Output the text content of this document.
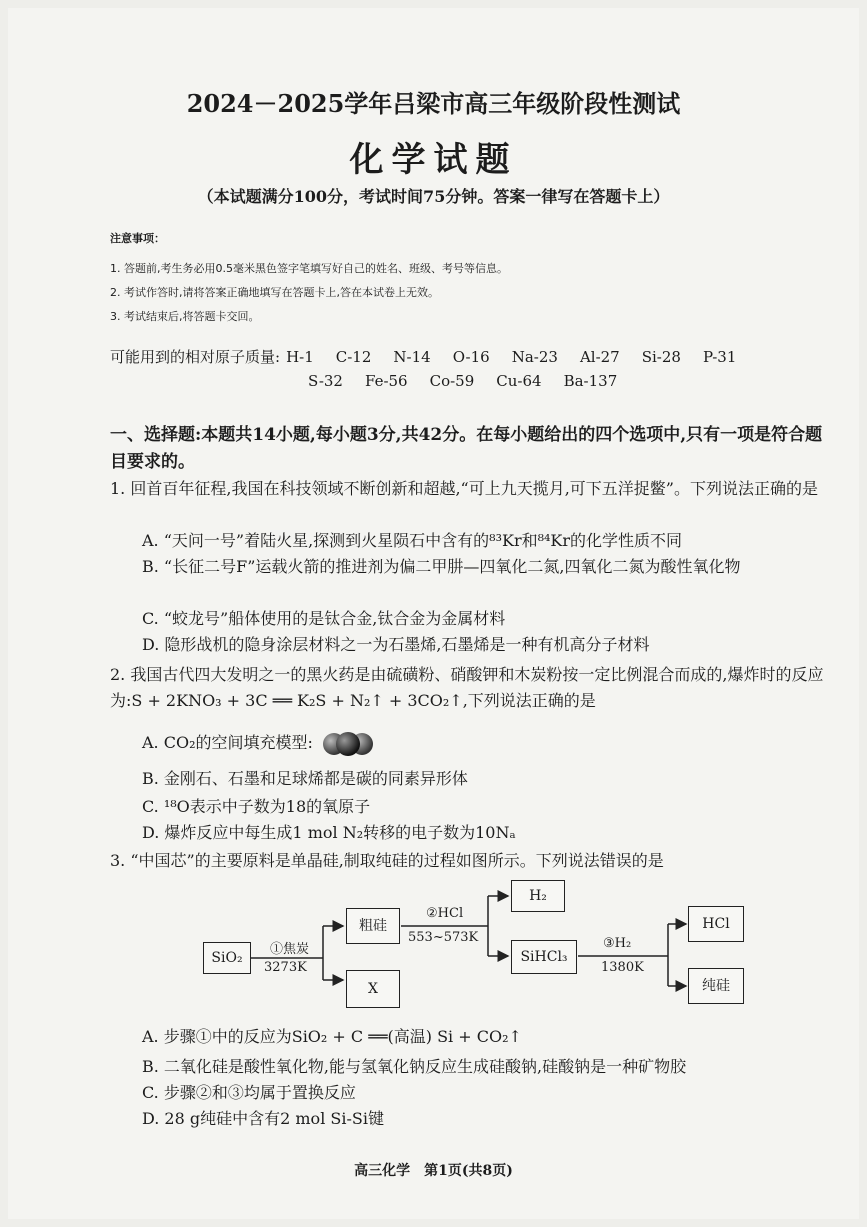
2024－2025学年吕梁市高三年级阶段性测试
化学试题
（本试题满分100分，考试时间75分钟。答案一律写在答题卡上）
注意事项：
1. 答题前,考生务必用0.5毫米黑色签字笔填写好自己的姓名、班级、考号等信息。
2. 考试作答时,请将答案正确地填写在答题卡上,答在本试卷上无效。
3. 考试结束后,将答题卡交回。
可能用到的相对原子质量: H-1 C-12 N-14 O-16 Na-23 Al-27 Si-28 P-31
S-32 Fe-56 Co-59 Cu-64 Ba-137
一、选择题:本题共14小题,每小题3分,共42分。在每小题给出的四个选项中,只有一项是符合题目要求的。
1. 回首百年征程,我国在科技领域不断创新和超越,“可上九天揽月,可下五洋捉鳖”。下列说法正确的是
A. “天问一号”着陆火星,探测到火星陨石中含有的⁸³Kr和⁸⁴Kr的化学性质不同
B. “长征二号F”运载火箭的推进剂为偏二甲肼—四氧化二氮,四氧化二氮为酸性氧化物
C. “蛟龙号”船体使用的是钛合金,钛合金为金属材料
D. 隐形战机的隐身涂层材料之一为石墨烯,石墨烯是一种有机高分子材料
2. 我国古代四大发明之一的黑火药是由硫磺粉、硝酸钾和木炭粉按一定比例混合而成的,爆炸时的反应为:S + 2KNO₃ + 3C ══ K₂S + N₂↑ + 3CO₂↑,下列说法正确的是
A. CO₂的空间填充模型:
B. 金刚石、石墨和足球烯都是碳的同素异形体
C. ¹⁸O表示中子数为18的氧原子
D. 爆炸反应中每生成1 mol N₂转移的电子数为10Nₐ
3. “中国芯”的主要原料是单晶硅,制取纯硅的过程如图所示。下列说法错误的是
SiO₂
①焦炭
3273K
粗硅
X
②HCl
553~573K
H₂
SiHCl₃
③H₂
1380K
HCl
纯硅
A. 步骤①中的反应为SiO₂ + C ══(高温) Si + CO₂↑
B. 二氧化硅是酸性氧化物,能与氢氧化钠反应生成硅酸钠,硅酸钠是一种矿物胶
C. 步骤②和③均属于置换反应
D. 28 g纯硅中含有2 mol Si-Si键
高三化学　第1页(共8页)
